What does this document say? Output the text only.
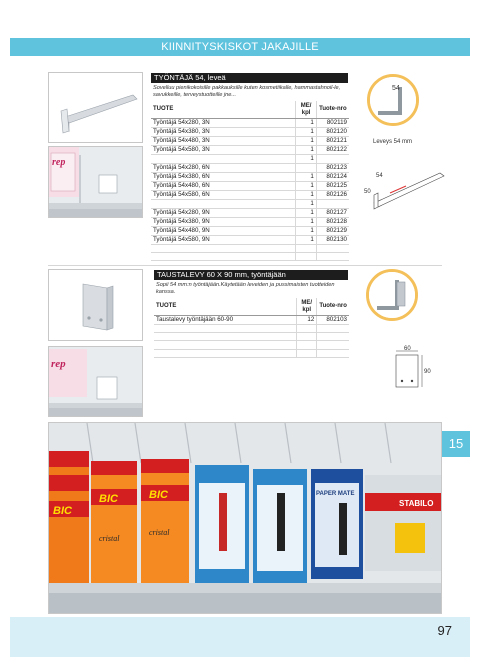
KIINNITYSKISKOT JAKAJILLE
rep
TYÖNTÄJÄ 54, leveä
Sovelluu pienikokoisille pakkauksille kuten kosmetiikalle, hammastahnoil-le, savukkeille, terveystuotteille jne...
TUOTE	ME/ kpl	Tuote-nro
Työntäjä 54x280, 3N	1	802119
Työntäjä 54x380, 3N	1	802120
Työntäjä 54x480, 3N	1	802121
Työntäjä 54x580, 3N	1	802122
	1	
Työntäjä 54x280, 6N		802123
Työntäjä 54x380, 6N	1	802124
Työntäjä 54x480, 6N	1	802125
Työntäjä 54x580, 6N	1	802126
	1	
Työntäjä 54x280, 9N	1	802127
Työntäjä 54x380, 9N	1	802128
Työntäjä 54x480, 9N	1	802129
Työntäjä 54x580, 9N	1	802130

54
Leveys 54 mm
54
50
rep
TAUSTALEVY 60 X 90 mm, työntäjään
Sopii 54 mm:n työntäjään.Käytetään leveiden ja pussimaisten tuotteiden kanssa.
TUOTE	ME/ kpl	Tuote-nro
Taustalevy työntäjään 60-90	12	802103

60
90
15
BIC
BIC
cristal
BIC
cristal
PAPER MATE
STABILO
97
